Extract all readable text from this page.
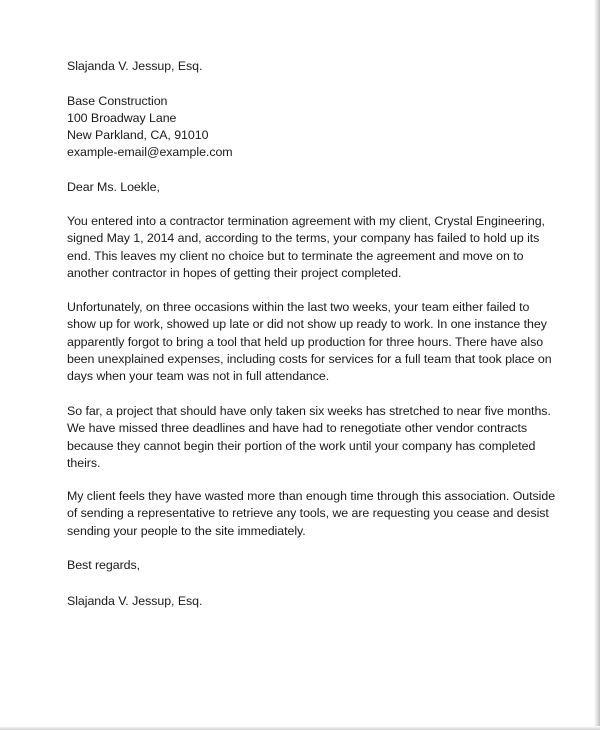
Slajanda V. Jessup, Esq.
Base Construction
100 Broadway Lane
New Parkland, CA, 91010
example-email@example.com
Dear Ms. Loekle,

You entered into a contractor termination agreement with my client, Crystal Engineering,

signed May 1, 2014 and, according to the terms, your company has failed to hold up its

end. This leaves my client no choice but to terminate the agreement and move on to

another contractor in hopes of getting their project completed.

Unfortunately, on three occasions within the last two weeks, your team either failed to

show up for work, showed up late or did not show up ready to work. In one instance they

apparently forgot to bring a tool that held up production for three hours. There have also

been unexplained expenses, including costs for services for a full team that took place on

days when your team was not in full attendance.

So far, a project that should have only taken six weeks has stretched to near five months.

We have missed three deadlines and have had to renegotiate other vendor contracts

because they cannot begin their portion of the work until your company has completed

theirs.

My client feels they have wasted more than enough time through this association. Outside

of sending a representative to retrieve any tools, we are requesting you cease and desist

sending your people to the site immediately.

Best regards,
Slajanda V. Jessup, Esq.
